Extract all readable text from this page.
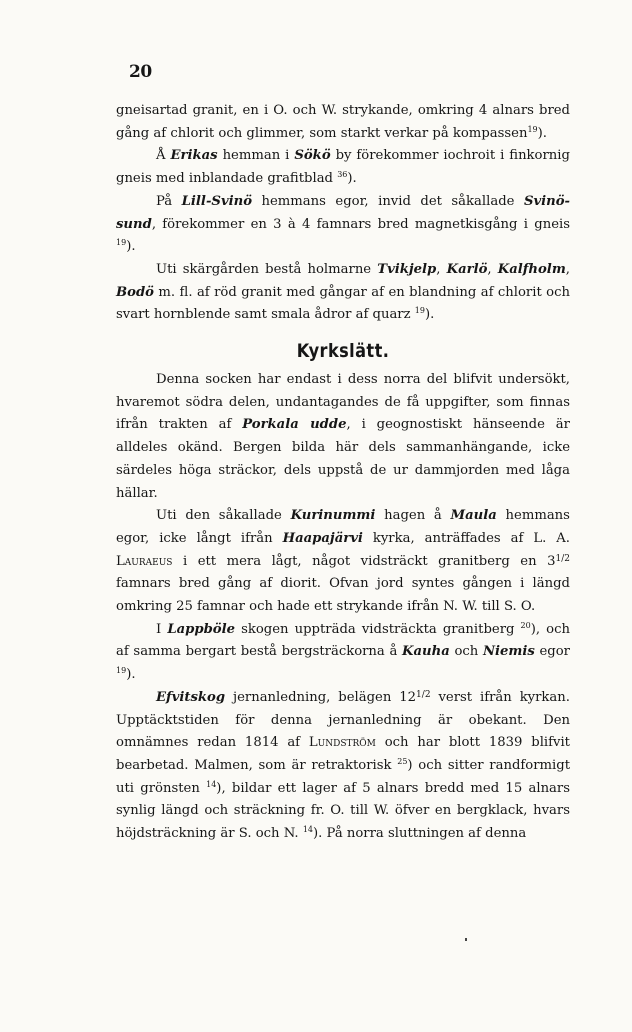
20

gneisartad granit, en i O. och W. strykande, omkring 4 alnars bred gång af chlorit och glimmer, som starkt verkar på kompassen$^{19}$).

Å Erikas hemman i Sökö by förekommer iochroit i finkornig gneis med inblandade grafitblad $^{36}$).

På Lill-Svinö hemmans egor, invid det såkallade Svinö-sund, förekommer en 3 à 4 famnars bred magnetkisgång i gneis $^{19}$).

Uti skärgården bestå holmarne Tvikjelp, Karlö, Kalfholm, Bodö m. fl. af röd granit med gångar af en blandning af chlorit och svart hornblende samt smala ådror af quarz $^{19}$).

Kyrkslätt.

Denna socken har endast i dess norra del blifvit undersökt, hvaremot södra delen, undantagandes de få uppgifter, som finnas ifrån trakten af Porkala udde, i geognostiskt hänseende är alldeles okänd. Bergen bilda här dels sammanhängande, icke särdeles höga sträckor, dels uppstå de ur dammjorden med låga hällar.

Uti den såkallade Kurinummi hagen å Maula hemmans egor, icke långt ifrån Haapajärvi kyrka, anträffades af L. A. Lauraeus i ett mera lågt, något vidsträckt granitberg en $3^{1/2}$ famnars bred gång af diorit. Ofvan jord syntes gången i längd omkring 25 famnar och hade ett strykande ifrån N. W. till S. O.

I Lappböle skogen uppträda vidsträckta granitberg $^{20}$), och af samma bergart bestå bergsträckorna å Kauha och Niemis egor $^{19}$).

Efvitskog jernanledning, belägen $12^{1/2}$ verst ifrån kyrkan. Upptäcktstiden för denna jernanledning är obekant. Den omnämnes redan 1814 af Lundström och har blott 1839 blifvit bearbetad. Malmen, som är retraktorisk $^{25}$) och sitter randformigt uti grönsten $^{14}$), bildar ett lager af 5 alnars bredd med 15 alnars synlig längd och sträckning fr. O. till W. öfver en bergklack, hvars höjdsträckning är S. och N. $^{14}$). På norra sluttningen af denna
